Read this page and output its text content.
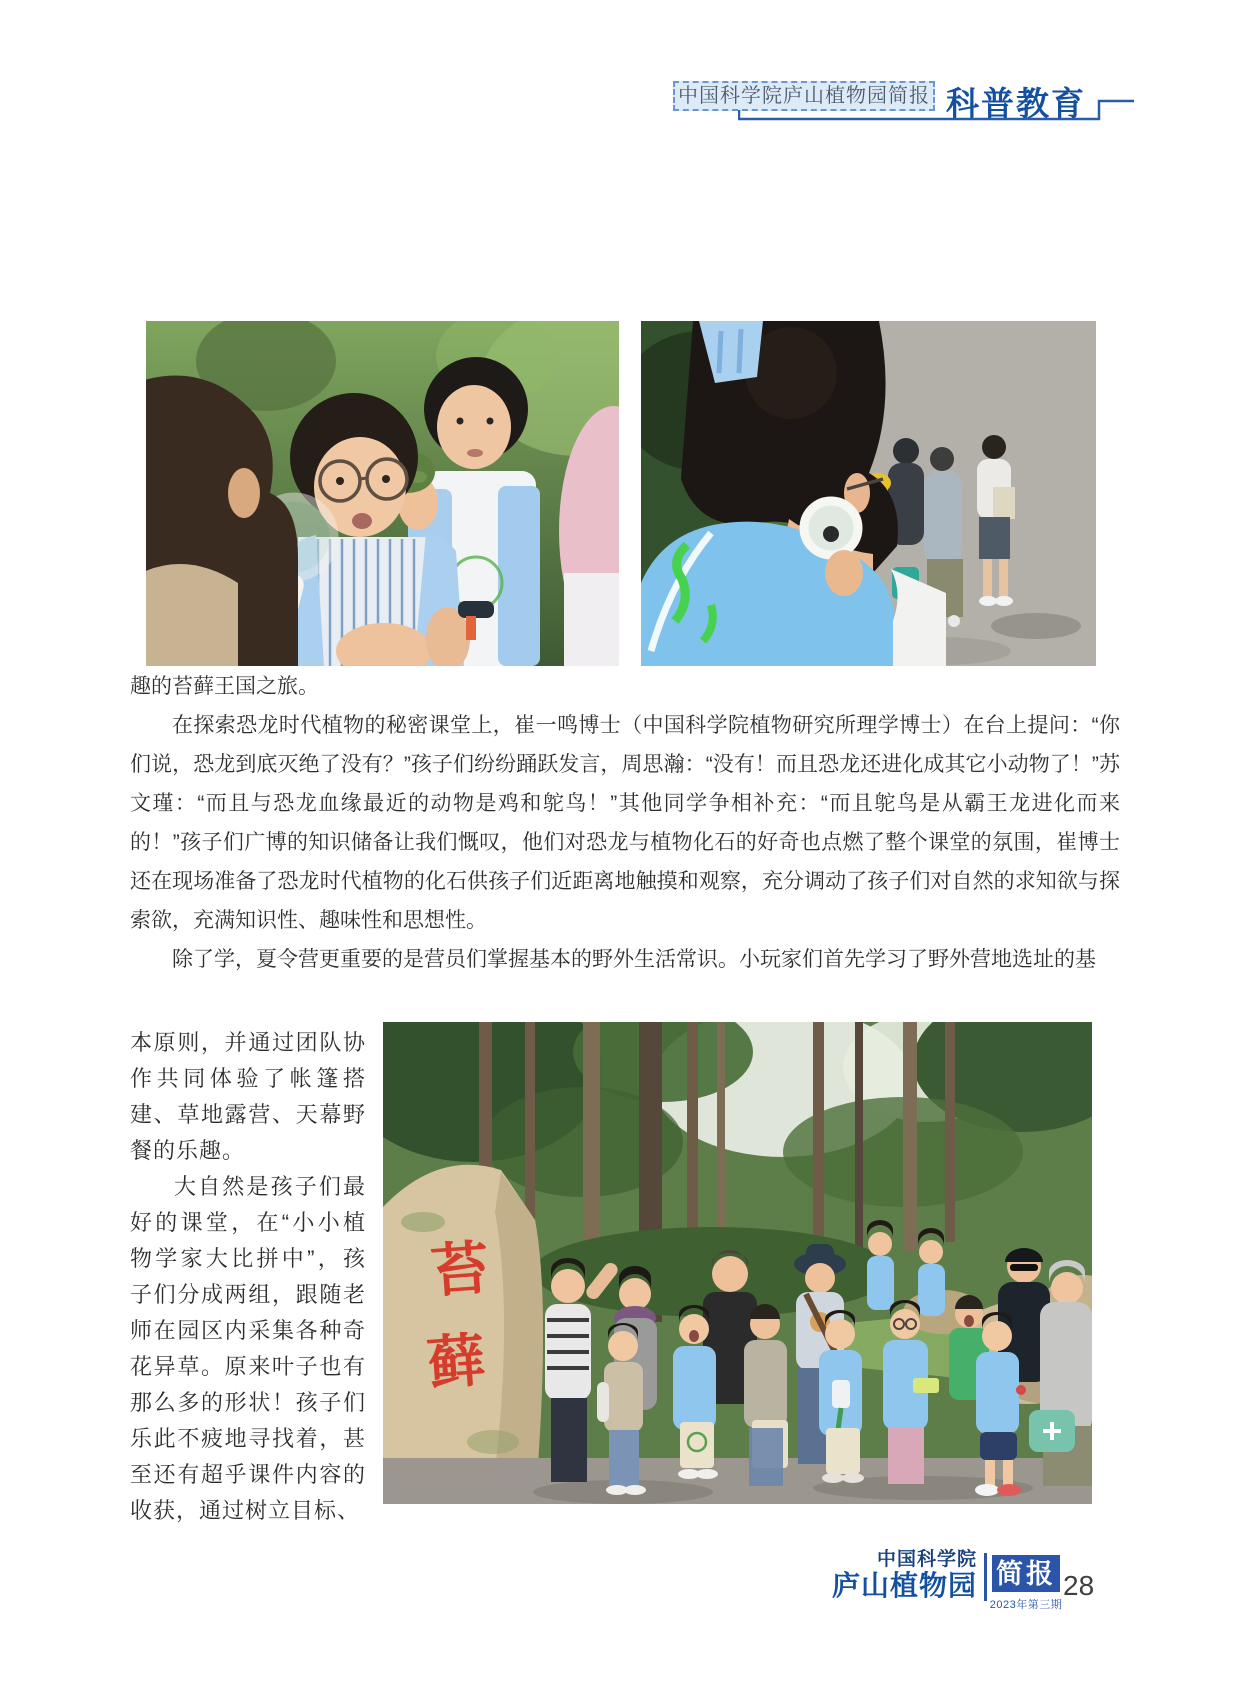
中国科学院庐山植物园简报 科普教育

趣的苔藓王国之旅。

在探索恐龙时代植物的秘密课堂上，崔一鸣博士（中国科学院植物研究所理学博士）在台上提问：“你们说，恐龙到底灭绝了没有？”孩子们纷纷踊跃发言，周思瀚：“没有！而且恐龙还进化成其它小动物了！”苏文瑾：“而且与恐龙血缘最近的动物是鸡和鸵鸟！”其他同学争相补充：“而且鸵鸟是从霸王龙进化而来的！”孩子们广博的知识储备让我们慨叹，他们对恐龙与植物化石的好奇也点燃了整个课堂的氛围，崔博士还在现场准备了恐龙时代植物的化石供孩子们近距离地触摸和观察，充分调动了孩子们对自然的求知欲与探索欲，充满知识性、趣味性和思想性。

除了学，夏令营更重要的是营员们掌握基本的野外生活常识。小玩家们首先学习了野外营地选址的基

本原则，并通过团队协作共同体验了帐篷搭建、草地露营、天幕野餐的乐趣。

大自然是孩子们最好的课堂，在“小小植物学家大比拼中”，孩子们分成两组，跟随老师在园区内采集各种奇花异草。原来叶子也有那么多的形状！孩子们乐此不疲地寻找着，甚至还有超乎课件内容的收获，通过树立目标、

苔
藓
中国科学院
庐山植物园 简报
2023年第三期
28
